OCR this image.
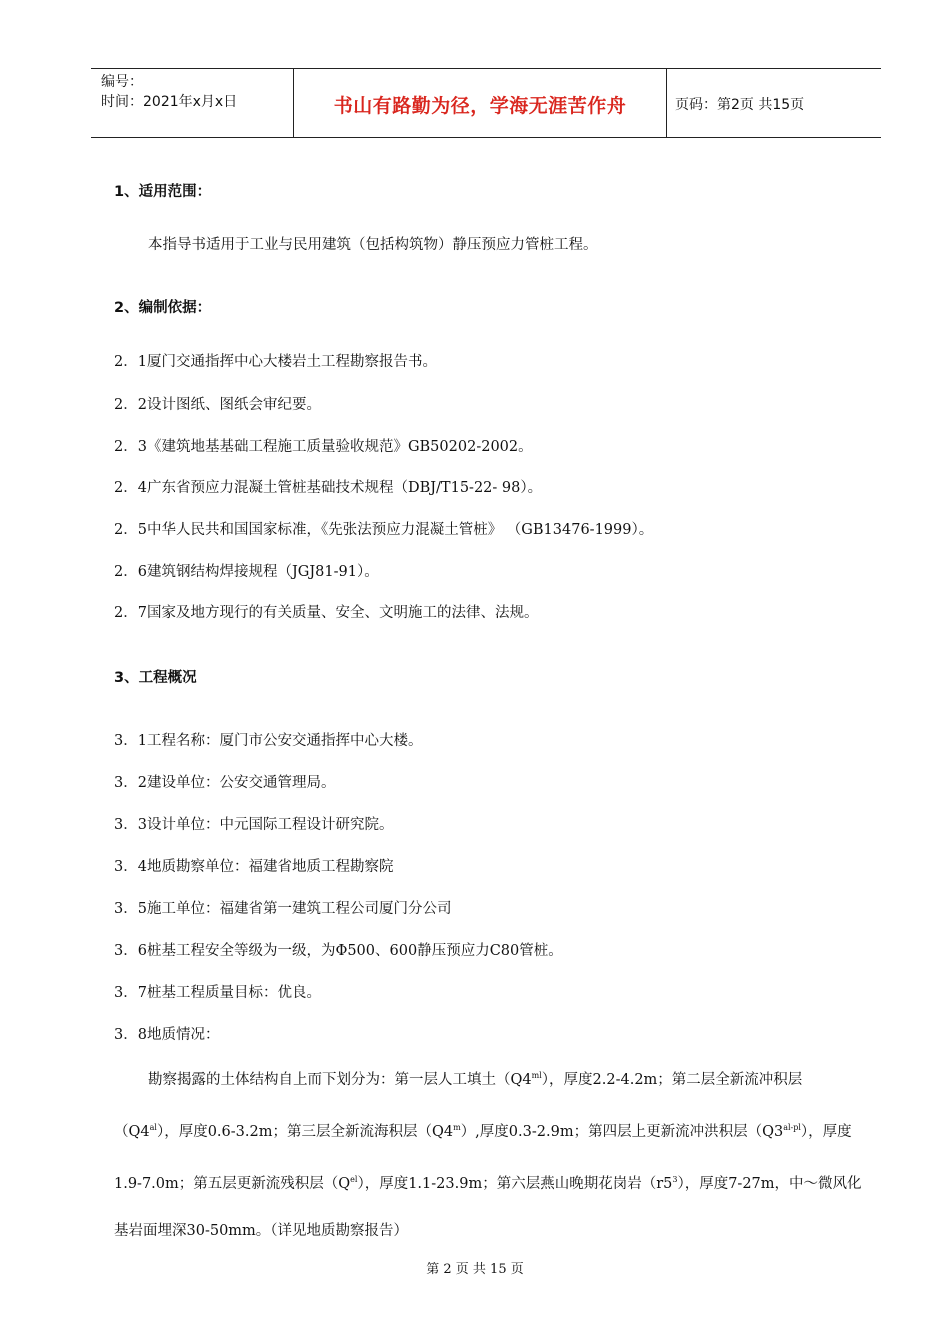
编号：
时间：2021年x月x日	书山有路勤为径，学海无涯苦作舟	页码：第2页 共15页
1、适用范围：
本指导书适用于工业与民用建筑（包括构筑物）静压预应力管桩工程。
2、编制依据：
2．1厦门交通指挥中心大楼岩土工程勘察报告书。
2．2设计图纸、图纸会审纪要。
2．3《建筑地基基础工程施工质量验收规范》GB50202-2002。
2．4广东省预应力混凝土管桩基础技术规程（DBJ/T15-22- 98）。
2．5中华人民共和国国家标准，《先张法预应力混凝土管桩》 （GB13476-1999）。
2．6建筑钢结构焊接规程（JGJ81-91）。
2．7国家及地方现行的有关质量、安全、文明施工的法律、法规。
3、工程概况
3．1工程名称：厦门市公安交通指挥中心大楼。
3．2建设单位：公安交通管理局。
3．3设计单位：中元国际工程设计研究院。
3．4地质勘察单位：福建省地质工程勘察院
3．5施工单位：福建省第一建筑工程公司厦门分公司
3．6桩基工程安全等级为一级，为Φ500、600静压预应力C80管桩。
3．7桩基工程质量目标：优良。
3．8地质情况：
勘察揭露的土体结构自上而下划分为：第一层人工填土$(Q4^{ml})$，厚度2.2-4.2m；第二层全新流冲积层$(Q4^{al})$，厚度0.6-3.2m；第三层全新流海积层（Q4$^m$）,厚度0.3-2.9m；第四层上更新流冲洪积层$(Q3^{al-pl})$，厚度1.9-7.0m；第五层更新流残积层$(Q^{el})$，厚度1.1-23.9m；第六层燕山晚期花岗岩$(r5^3)$，厚度7-27m，中～微风化基岩面埋深30-50mm。（详见地质勘察报告）
第 2 页 共 15 页
